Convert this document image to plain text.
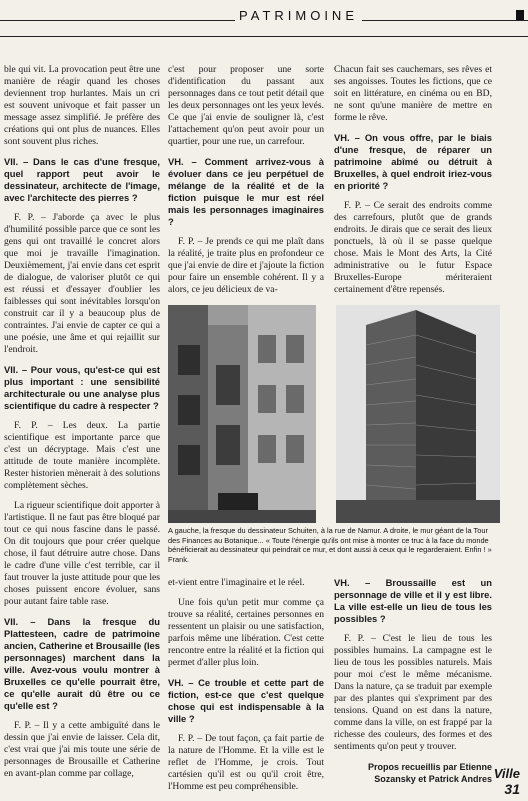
PATRIMOINE

ble qui vit. La provocation peut être une manière de réagir quand les choses deviennent trop hurlantes. Mais un cri est souvent univoque et fait passer un message assez simplifié. Je préfère des créations qui ont plus de nuances. Elles sont souvent plus riches.

VII. – Dans le cas d'une fresque, quel rapport peut avoir le dessinateur, architecte de l'image, avec l'architecte des pierres ?

F. P. – J'aborde ça avec le plus d'humilité possible parce que ce sont les gens qui ont travaillé le concret alors que moi je travaille l'imagination. Deuxièmement, j'ai envie dans cet esprit de dialogue, de valoriser plutôt ce qui est réussi et d'essayer d'oublier les faiblesses qui sont inévitables lorsqu'on construit car il y a beaucoup plus de contraintes. J'ai envie de capter ce qui a une poésie, une âme et qui rejaillit sur l'endroit.

VII. – Pour vous, qu'est-ce qui est plus important : une sensibilité architecturale ou une analyse plus scientifique du cadre à respecter ?

F. P. – Les deux. La partie scientifique est importante parce que c'est un décryptage. Mais c'est une attitude de toute manière incomplète. Rester historien mènerait à des solutions complètement sèches.

La rigueur scientifique doit apporter à l'artistique. Il ne faut pas être bloqué par tout ce qui nous fascine dans le passé. On dit toujours que pour créer quelque chose, il faut détruire autre chose. Dans le cadre d'une ville c'est terrible, car il faut trouver la juste attitude pour que les choses puissent encore évoluer, sans pour autant faire table rase.

VII. – Dans la fresque du Plattesteen, cadre de patrimoine ancien, Catherine et Brousaille (les personnages) marchent dans la ville. Avez-vous voulu montrer à Bruxelles ce qu'elle pourrait être, ce qu'elle aurait dû être ou ce qu'elle est ?

F. P. – Il y a cette ambiguïté dans le dessin que j'ai envie de laisser. Cela dit, c'est vrai que j'ai mis toute une série de personnages de Brousaille et Catherine en avant-plan comme par collage,

c'est pour proposer une sorte d'identification du passant aux personnages dans ce tout petit détail que les deux personnages ont les yeux levés. Ce que j'ai envie de souligner là, c'est l'attachement qu'on peut avoir pour un quartier, pour une rue, un carrefour.

VH. – Comment arrivez-vous à évoluer dans ce jeu perpétuel de mélange de la réalité et de la fiction puisque le mur est réel mais les personnages imaginaires ?

F. P. – Je prends ce qui me plaît dans la réalité, je traite plus en profondeur ce que j'ai envie de dire et j'ajoute la fiction pour faire un ensemble cohérent. Il y a alors, ce jeu délicieux de va-

Chacun fait ses cauchemars, ses rêves et ses angoisses. Toutes les fictions, que ce soit en littérature, en cinéma ou en BD, ne sont qu'une manière de mettre en forme le rêve.

VH. – On vous offre, par le biais d'une fresque, de réparer un patrimoine abîmé ou détruit à Bruxelles, à quel endroit iriez-vous en priorité ?

F. P. – Ce serait des endroits comme des carrefours, plutôt que de grands endroits. Je dirais que ce serait des lieux ponctuels, là où il se passe quelque chose. Mais le Mont des Arts, la Cité administrative ou le futur Espace Bruxelles-Europe mériteraient certainement d'être repensés.

A gauche, la fresque du dessinateur Schuiten, à la rue de Namur. A droite, le mur géant de la Tour des Finances au Botanique... « Toute l'énergie qu'ils ont mise à monter ce truc à la face du monde bénéficierait au dessinateur qui peindrait ce mur, et dont aussi à ceux qui le regarderaient. Enfin ! » Frank.

et-vient entre l'imaginaire et le réel.

Une fois qu'un petit mur comme ça trouve sa réalité, certaines personnes en ressentent un plaisir ou une satisfaction, parfois même une libération. C'est cette rencontre entre la réalité et la fiction qui permet d'aller plus loin.

VH. – Ce trouble et cette part de fiction, est-ce que c'est quelque chose qui est indispensable à la ville ?

F. P. – De tout façon, ça fait partie de la nature de l'Homme. Et la ville est le reflet de l'Homme, je crois. Tout cartésien qu'il est ou qu'il croit être, l'Homme est peu compréhensible.

VH. – Broussaille est un personnage de ville et il y est libre. La ville est-elle un lieu de tous les possibles ?

F. P. – C'est le lieu de tous les possibles humains. La campagne est le lieu de tous les possibles naturels. Mais pour moi c'est le même mécanisme. Dans la nature, ça se traduit par exemple par des plantes qui s'expriment par des tensions. Quand on est dans la nature, comme dans la ville, on est frappé par la richesse des couleurs, des formes et des sentiments qu'on peut y trouver.

Propos recueillis par Etienne Sozansky et Patrick Andres Ville
31
